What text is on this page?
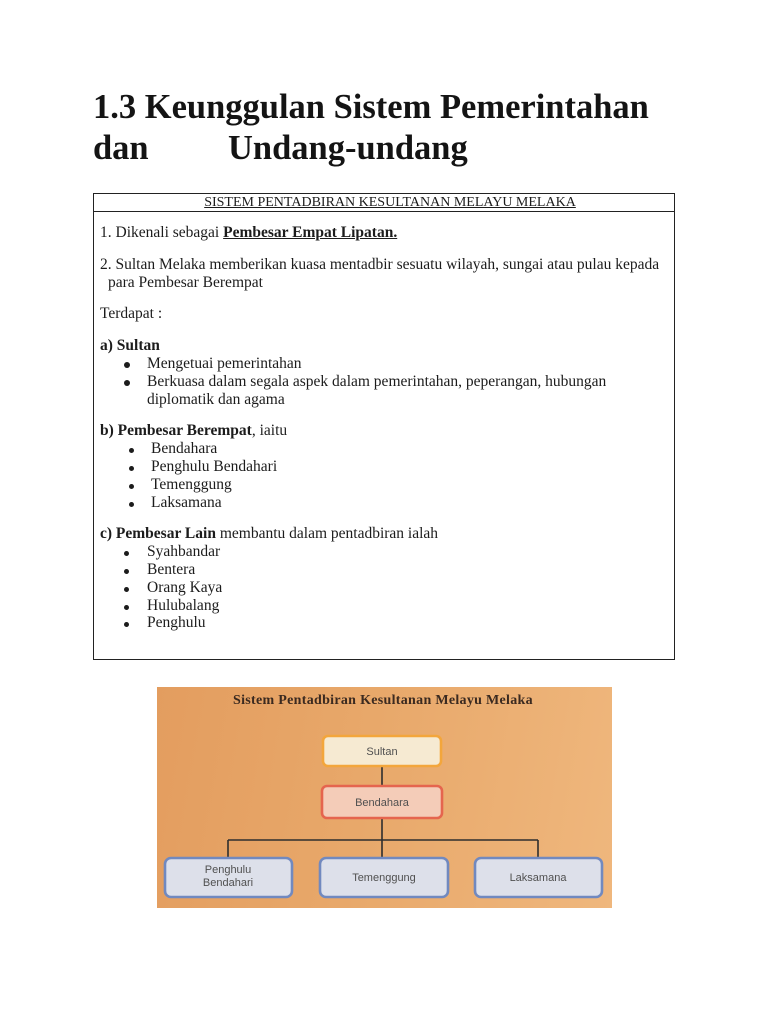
1.3 Keunggulan Sistem Pemerintahan
dan Undang-undang
SISTEM PENTADBIRAN KESULTANAN MELAYU MELAKA
1. Dikenali sebagai Pembesar Empat Lipatan.
2. Sultan Melaka memberikan kuasa mentadbir sesuatu wilayah, sungai atau pulau kepada para Pembesar Berempat
Terdapat :
a) Sultan
Mengetuai pemerintahan
Berkuasa dalam segala aspek dalam pemerintahan, peperangan, hubungan diplomatik dan agama
b) Pembesar Berempat, iaitu
Bendahara
Penghulu Bendahari
Temenggung
Laksamana
c) Pembesar Lain membantu dalam pentadbiran ialah
Syahbandar
Bentera
Orang Kaya
Hulubalang
Penghulu
Sistem Pentadbiran Kesultanan Melayu Melaka
Sultan
Bendahara
Penghulu
Bendahari	Temenggung	Laksamana
